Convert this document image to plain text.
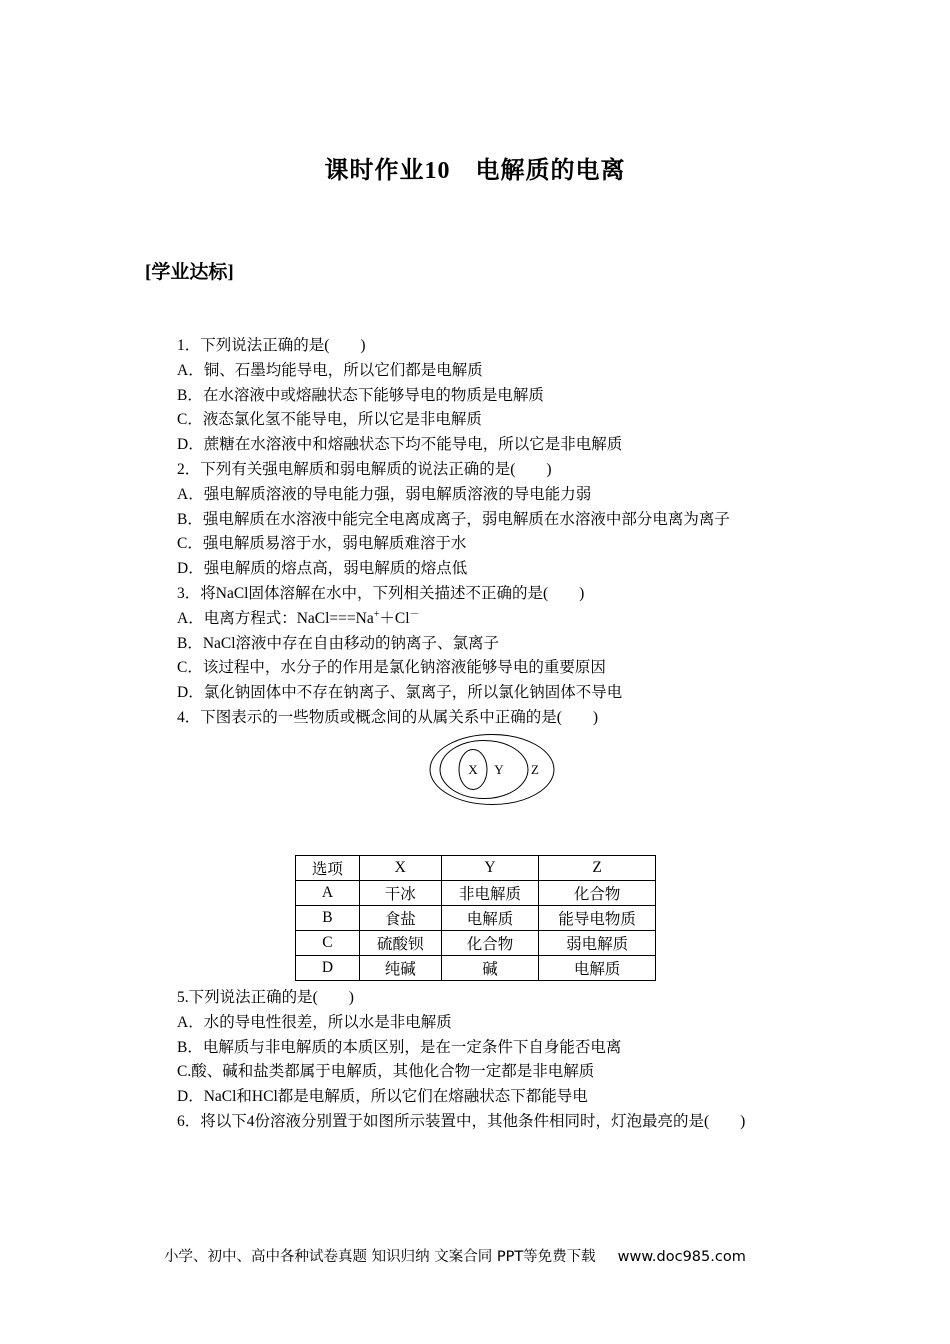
课时作业10　电解质的电离
[学业达标]
1．下列说法正确的是(　　)
A．铜、石墨均能导电，所以它们都是电解质
B．在水溶液中或熔融状态下能够导电的物质是电解质
C．液态氯化氢不能导电，所以它是非电解质
D．蔗糖在水溶液中和熔融状态下均不能导电，所以它是非电解质
2．下列有关强电解质和弱电解质的说法正确的是(　　)
A．强电解质溶液的导电能力强，弱电解质溶液的导电能力弱
B．强电解质在水溶液中能完全电离成离子，弱电解质在水溶液中部分电离为离子
C．强电解质易溶于水，弱电解质难溶于水
D．强电解质的熔点高，弱电解质的熔点低
3．将NaCl固体溶解在水中，下列相关描述不正确的是(　　)
A．电离方程式：NaCl===Na+＋Cl－
B．NaCl溶液中存在自由移动的钠离子、氯离子
C．该过程中，水分子的作用是氯化钠溶液能够导电的重要原因
D．氯化钠固体中不存在钠离子、氯离子，所以氯化钠固体不导电
4．下图表示的一些物质或概念间的从属关系中正确的是(　　)
X Y Z
选项	X	Y	Z
A	干冰	非电解质	化合物
B	食盐	电解质	能导电物质
C	硫酸钡	化合物	弱电解质
D	纯碱	碱	电解质
5.下列说法正确的是(　　)
A．水的导电性很差，所以水是非电解质
B．电解质与非电解质的本质区别，是在一定条件下自身能否电离
C.酸、碱和盐类都属于电解质，其他化合物一定都是非电解质
D．NaCl和HCl都是电解质，所以它们在熔融状态下都能导电
6．将以下4份溶液分别置于如图所示装置中，其他条件相同时，灯泡最亮的是(　　)
小学、初中、高中各种试卷真题 知识归纳 文案合同 PPT等免费下载 www.doc985.com
